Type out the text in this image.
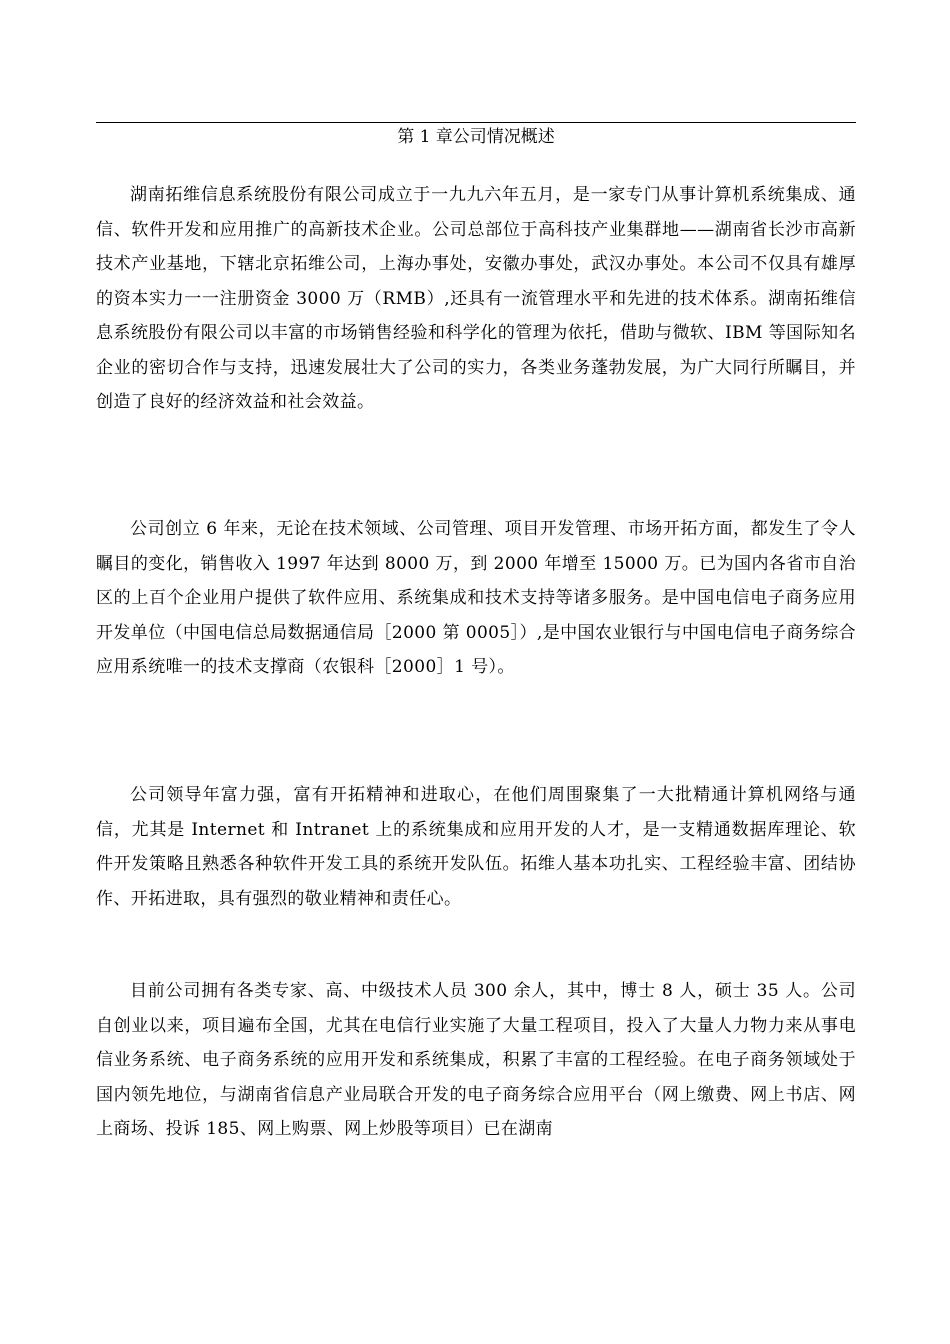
第 1 章公司情况概述

湖南拓维信息系统股份有限公司成立于一九九六年五月，是一家专门从事计算机系统集成、通信、软件开发和应用推广的高新技术企业。公司总部位于高科技产业集群地——湖南省长沙市高新技术产业基地，下辖北京拓维公司，上海办事处，安徽办事处，武汉办事处。本公司不仅具有雄厚的资本实力一一注册资金 3000 万（RMB）,还具有一流管理水平和先进的技术体系。湖南拓维信息系统股份有限公司以丰富的市场销售经验和科学化的管理为依托，借助与微软、IBM 等国际知名企业的密切合作与支持，迅速发展壮大了公司的实力，各类业务蓬勃发展，为广大同行所瞩目，并创造了良好的经济效益和社会效益。

公司创立 6 年来，无论在技术领域、公司管理、项目开发管理、市场开拓方面，都发生了令人瞩目的变化，销售收入 1997 年达到 8000 万，到 2000 年增至 15000 万。已为国内各省市自治区的上百个企业用户提供了软件应用、系统集成和技术支持等诸多服务。是中国电信电子商务应用开发单位（中国电信总局数据通信局［2000 第 0005］）,是中国农业银行与中国电信电子商务综合应用系统唯一的技术支撑商（农银科［2000］1 号）。

公司领导年富力强，富有开拓精神和进取心，在他们周围聚集了一大批精通计算机网络与通信，尤其是 Internet 和 Intranet 上的系统集成和应用开发的人才，是一支精通数据库理论、软件开发策略且熟悉各种软件开发工具的系统开发队伍。拓维人基本功扎实、工程经验丰富、团结协作、开拓进取，具有强烈的敬业精神和责任心。

目前公司拥有各类专家、高、中级技术人员 300 余人，其中，博士 8 人，硕士 35 人。公司自创业以来，项目遍布全国，尤其在电信行业实施了大量工程项目，投入了大量人力物力来从事电信业务系统、电子商务系统的应用开发和系统集成，积累了丰富的工程经验。在电子商务领域处于国内领先地位，与湖南省信息产业局联合开发的电子商务综合应用平台（网上缴费、网上书店、网上商场、投诉 185、网上购票、网上炒股等项目）已在湖南
